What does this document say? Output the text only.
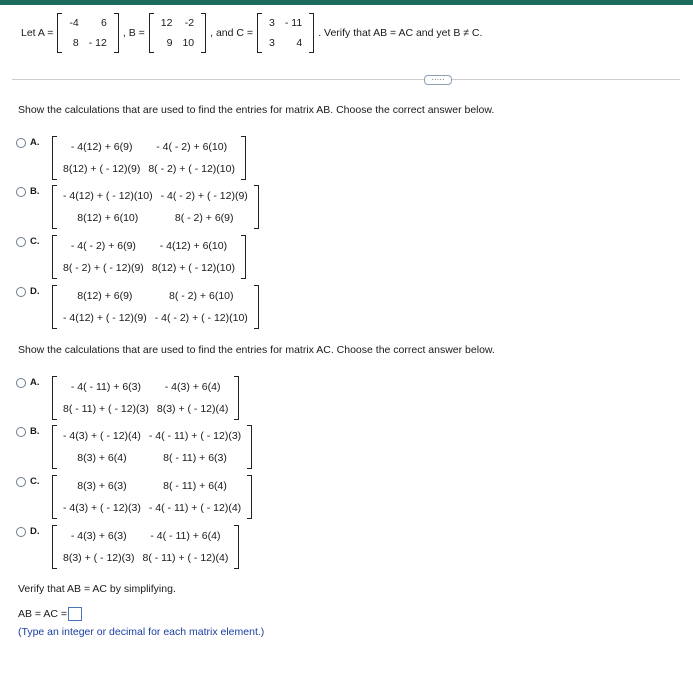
Let A =
-4	6
8	- 12
, B =
12	-2
9	10
, and C =
3	- 11
3	4
. Verify that AB = AC and yet B ≠ C.
·····
Show the calculations that are used to find the entries for matrix AB. Choose the correct answer below.
A.	- 4(12) + 6(9)	- 4( - 2) + 6(10)
8(12) + ( - 12)(9)	8( - 2) + ( - 12)(10)
B.	- 4(12) + ( - 12)(10)	- 4( - 2) + ( - 12)(9)
8(12) + 6(10)	8( - 2) + 6(9)
C.	- 4( - 2) + 6(9)	- 4(12) + 6(10)
8( - 2) + ( - 12)(9)	8(12) + ( - 12)(10)
D.	8(12) + 6(9)	8( - 2) + 6(10)
- 4(12) + ( - 12)(9)	- 4( - 2) + ( - 12)(10)
Show the calculations that are used to find the entries for matrix AC. Choose the correct answer below.
A.	- 4( - 11) + 6(3)	- 4(3) + 6(4)
8( - 11) + ( - 12)(3)	8(3) + ( - 12)(4)
B.	- 4(3) + ( - 12)(4)	- 4( - 11) + ( - 12)(3)
8(3) + 6(4)	8( - 11) + 6(3)
C.	8(3) + 6(3)	8( - 11) + 6(4)
- 4(3) + ( - 12)(3)	- 4( - 11) + ( - 12)(4)
D.	- 4(3) + 6(3)	- 4( - 11) + 6(4)
8(3) + ( - 12)(3)	8( - 11) + ( - 12)(4)
Verify that AB = AC by simplifying.
AB = AC =
(Type an integer or decimal for each matrix element.)
